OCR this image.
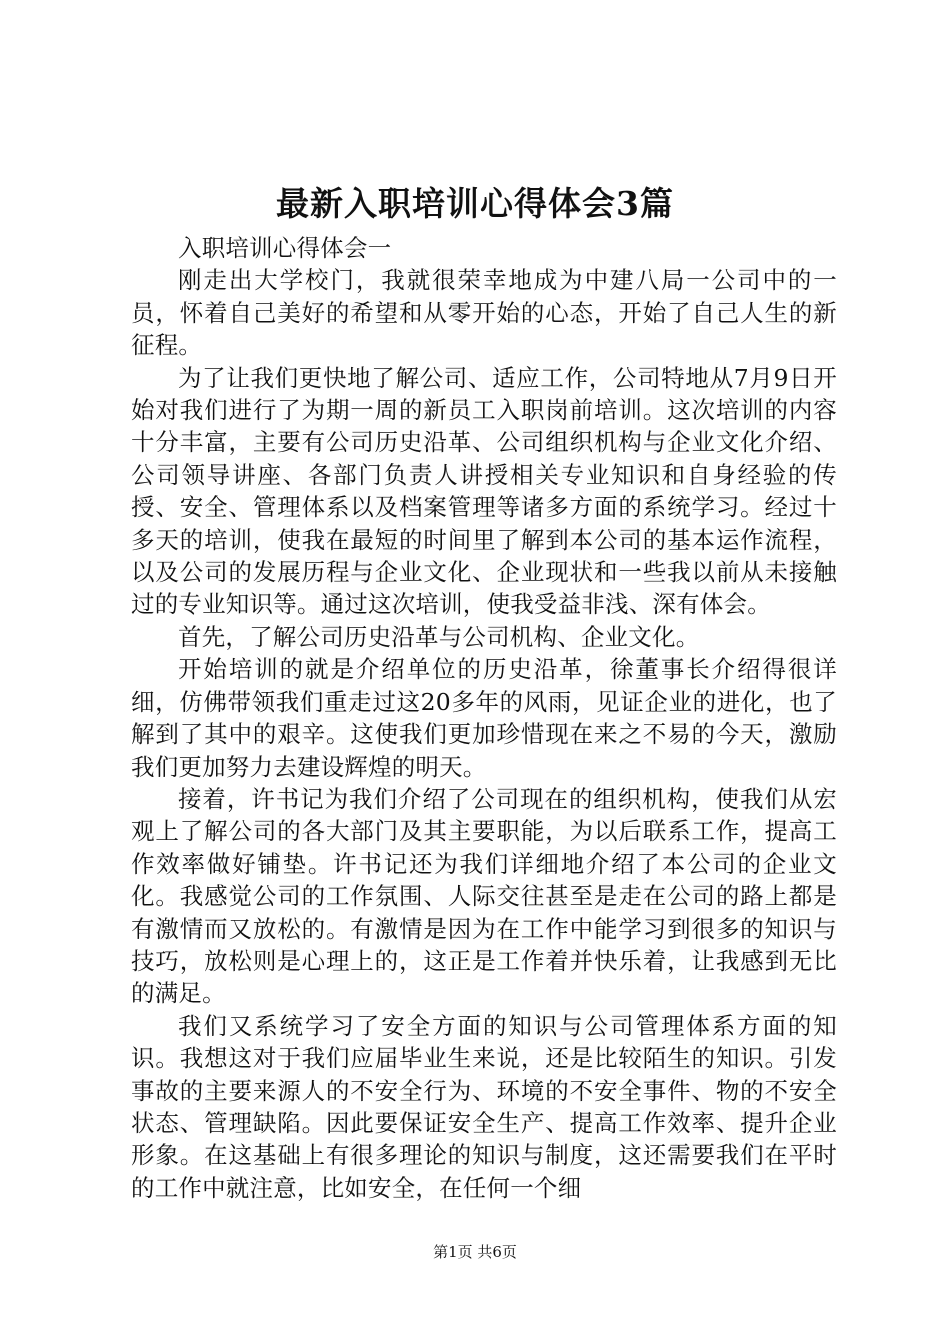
最新入职培训心得体会3篇

入职培训心得体会一

刚走出大学校门，我就很荣幸地成为中建八局一公司中的一员，怀着自己美好的希望和从零开始的心态，开始了自己人生的新征程。

为了让我们更快地了解公司、适应工作，公司特地从7月9日开始对我们进行了为期一周的新员工入职岗前培训。这次培训的内容十分丰富，主要有公司历史沿革、公司组织机构与企业文化介绍、公司领导讲座、各部门负责人讲授相关专业知识和自身经验的传授、安全、管理体系以及档案管理等诸多方面的系统学习。经过十多天的培训，使我在最短的时间里了解到本公司的基本运作流程，以及公司的发展历程与企业文化、企业现状和一些我以前从未接触过的专业知识等。通过这次培训，使我受益非浅、深有体会。

首先，了解公司历史沿革与公司机构、企业文化。

开始培训的就是介绍单位的历史沿革，徐董事长介绍得很详细，仿佛带领我们重走过这20多年的风雨，见证企业的进化，也了解到了其中的艰辛。这使我们更加珍惜现在来之不易的今天，激励我们更加努力去建设辉煌的明天。

接着，许书记为我们介绍了公司现在的组织机构，使我们从宏观上了解公司的各大部门及其主要职能，为以后联系工作，提高工作效率做好铺垫。许书记还为我们详细地介绍了本公司的企业文化。我感觉公司的工作氛围、人际交往甚至是走在公司的路上都是有激情而又放松的。有激情是因为在工作中能学习到很多的知识与技巧，放松则是心理上的，这正是工作着并快乐着，让我感到无比的满足。

我们又系统学习了安全方面的知识与公司管理体系方面的知识。我想这对于我们应届毕业生来说，还是比较陌生的知识。引发事故的主要来源人的不安全行为、环境的不安全事件、物的不安全状态、管理缺陷。因此要保证安全生产、提高工作效率、提升企业形象。在这基础上有很多理论的知识与制度，这还需要我们在平时的工作中就注意，比如安全，在任何一个细

第1页 共6页
